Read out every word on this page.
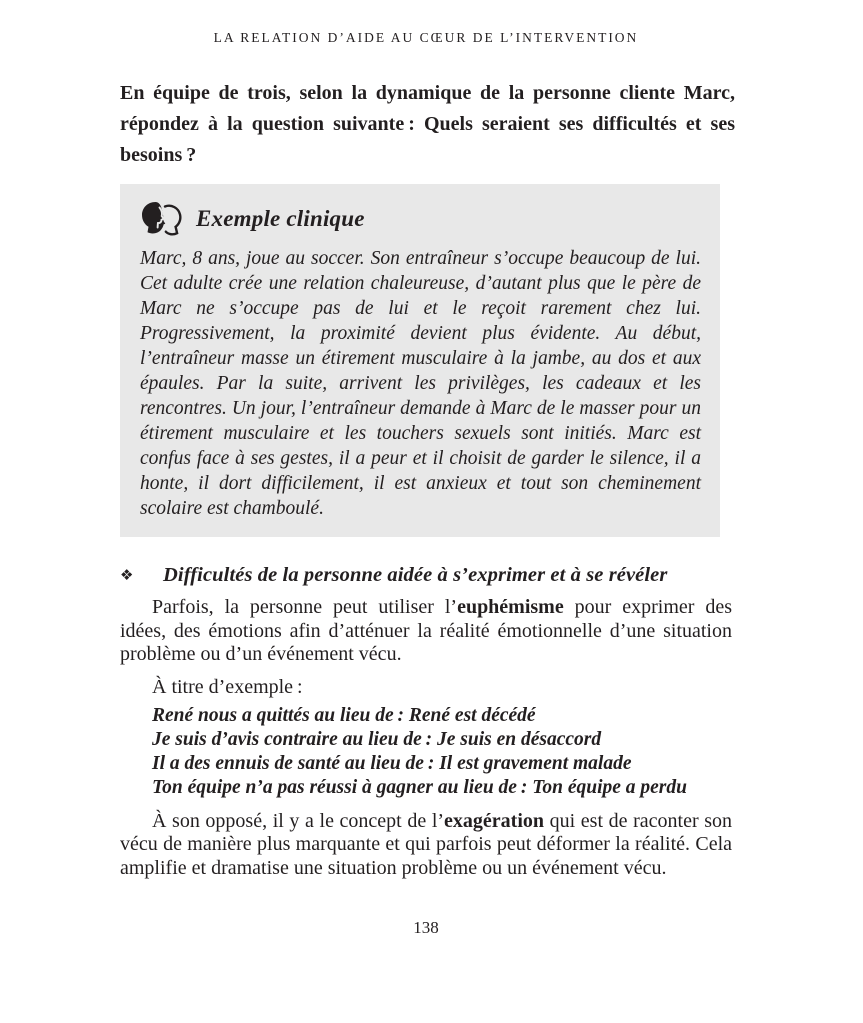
LA RELATION D’AIDE AU CŒUR DE L’INTERVENTION

En équipe de trois, selon la dynamique de la personne cliente Marc, répondez à la question suivante : Quels seraient ses difficultés et ses besoins ?

Exemple clinique

Marc, 8 ans, joue au soccer. Son entraîneur s’occupe beaucoup de lui. Cet adulte crée une relation chaleureuse, d’autant plus que le père de Marc ne s’occupe pas de lui et le reçoit rarement chez lui. Progressivement, la proximité devient plus évidente. Au début, l’entraîneur masse un étirement musculaire à la jambe, au dos et aux épaules. Par la suite, arrivent les privilèges, les cadeaux et les rencontres. Un jour, l’entraîneur demande à Marc de le masser pour un étirement musculaire et les touchers sexuels sont initiés. Marc est confus face à ses gestes, il a peur et il choisit de garder le silence, il a honte, il dort difficilement, il est anxieux et tout son cheminement scolaire est chamboulé.

❖	Difficultés de la personne aidée à s’exprimer et à se révéler

Parfois, la personne peut utiliser l’euphémisme pour exprimer des idées, des émotions afin d’atténuer la réalité émotionnelle d’une situation problème ou d’un événement vécu.

À titre d’exemple :

René nous a quittés au lieu de : René est décédé
Je suis d’avis contraire au lieu de : Je suis en désaccord
Il a des ennuis de santé au lieu de : Il est gravement malade
Ton équipe n’a pas réussi à gagner au lieu de : Ton équipe a perdu

À son opposé, il y a le concept de l’exagération qui est de raconter son vécu de manière plus marquante et qui parfois peut déformer la réalité. Cela amplifie et dramatise une situation problème ou un événement vécu.

138
